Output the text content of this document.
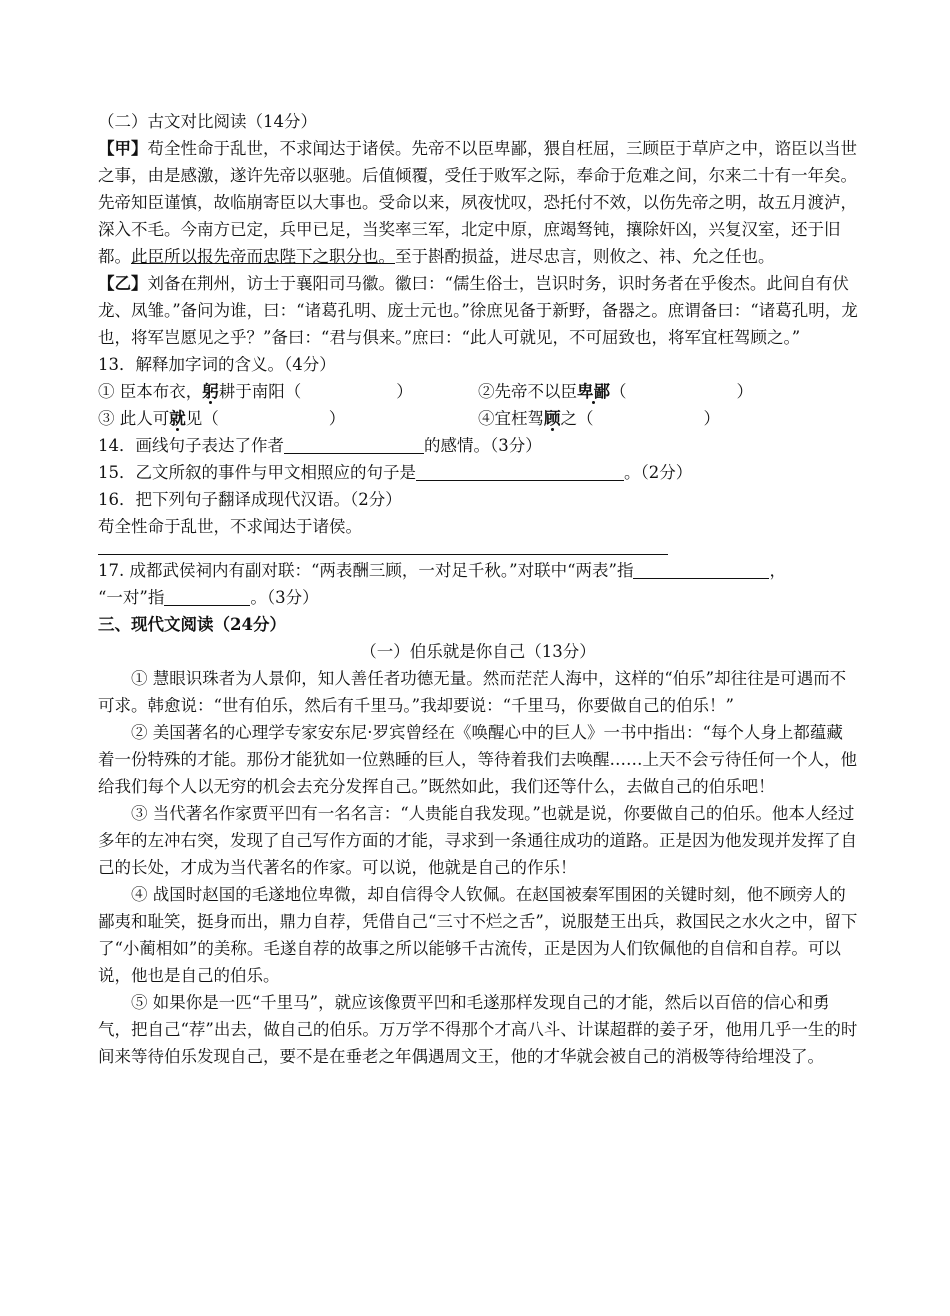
（二）古文对比阅读（14分）

【甲】苟全性命于乱世，不求闻达于诸侯。先帝不以臣卑鄙，猥自枉屈，三顾臣于草庐之中，谘臣以当世之事，由是感激，遂许先帝以驱驰。后值倾覆，受任于败军之际，奉命于危难之间，尔来二十有一年矣。先帝知臣谨慎，故临崩寄臣以大事也。受命以来，夙夜忧叹，恐托付不效，以伤先帝之明，故五月渡泸，深入不毛。今南方已定，兵甲已足，当奖率三军，北定中原，庶竭驽钝，攘除奸凶，兴复汉室，还于旧都。此臣所以报先帝而忠陛下之职分也。至于斟酌损益，进尽忠言，则攸之、祎、允之任也。

【乙】刘备在荆州，访士于襄阳司马徽。徽曰：“儒生俗士，岂识时务，识时务者在乎俊杰。此间自有伏龙、凤雏。”备问为谁，曰：“诸葛孔明、庞士元也。”徐庶见备于新野，备器之。庶谓备曰：“诸葛孔明，龙也，将军岂愿见之乎？”备曰：“君与俱来。”庶曰：“此人可就见，不可屈致也，将军宜枉驾顾之。”

13．解释加字词的含义。（4分）

① 臣本布衣，躬耕于南阳（	）	②先帝不以臣卑鄙（	）
③ 此人可就见（	）	④宜枉驾顾之（	）

14．画线句子表达了作者	的感情。（3分）

15．乙文所叙的事件与甲文相照应的句子是	。（2分）

16．把下列句子翻译成现代汉语。（2分）

苟全性命于乱世，不求闻达于诸侯。

17. 成都武侯祠内有副对联：“两表酬三顾，一对足千秋。”对联中“两表”指	，
“一对”指	。（3分）

三、现代文阅读（24分）

（一）伯乐就是你自己（13分）

① 慧眼识珠者为人景仰，知人善任者功德无量。然而茫茫人海中，这样的“伯乐”却往往是可遇而不可求。韩愈说：“世有伯乐，然后有千里马。”我却要说：“千里马，你要做自己的伯乐！”

② 美国著名的心理学专家安东尼·罗宾曾经在《唤醒心中的巨人》一书中指出：“每个人身上都蕴藏着一份特殊的才能。那份才能犹如一位熟睡的巨人，等待着我们去唤醒……上天不会亏待任何一个人，他给我们每个人以无穷的机会去充分发挥自己。”既然如此，我们还等什么，去做自己的伯乐吧！

③ 当代著名作家贾平凹有一名名言：“人贵能自我发现。”也就是说，你要做自己的伯乐。他本人经过多年的左冲右突，发现了自己写作方面的才能，寻求到一条通往成功的道路。正是因为他发现并发挥了自己的长处，才成为当代著名的作家。可以说，他就是自己的作乐！

④ 战国时赵国的毛遂地位卑微，却自信得令人钦佩。在赵国被秦军围困的关键时刻，他不顾旁人的鄙夷和耻笑，挺身而出，鼎力自荐，凭借自己“三寸不烂之舌”，说服楚王出兵，救国民之水火之中，留下了“小蔺相如”的美称。毛遂自荐的故事之所以能够千古流传，正是因为人们钦佩他的自信和自荐。可以说，他也是自己的伯乐。

⑤ 如果你是一匹“千里马”，就应该像贾平凹和毛遂那样发现自己的才能，然后以百倍的信心和勇气，把自己“荐”出去，做自己的伯乐。万万学不得那个才高八斗、计谋超群的姜子牙，他用几乎一生的时间来等待伯乐发现自己，要不是在垂老之年偶遇周文王，他的才华就会被自己的消极等待给埋没了。
